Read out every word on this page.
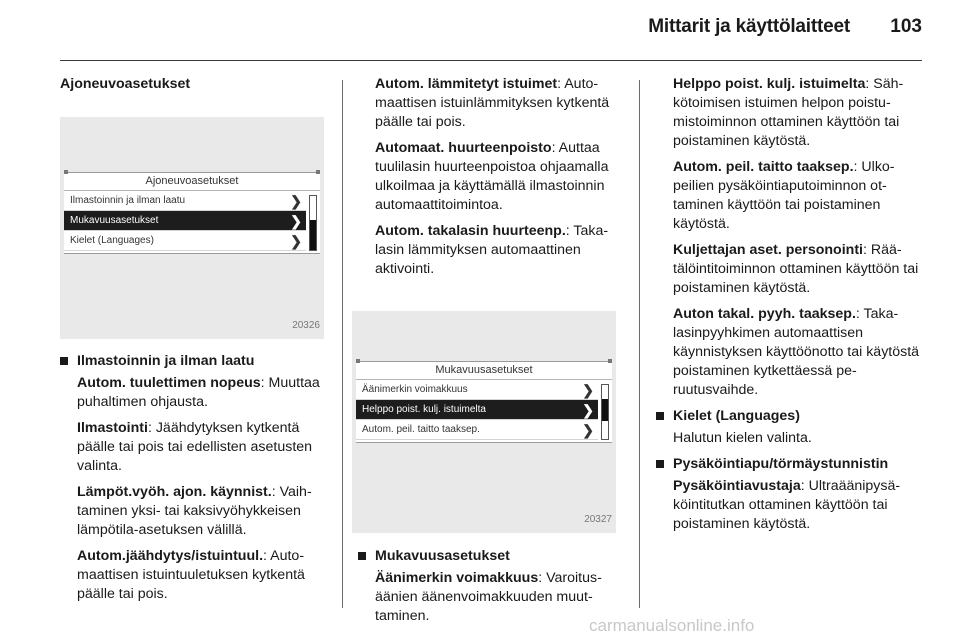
Mittarit ja käyttölaitteet 103
Ajoneuvoasetukset
Ajoneuvoasetukset
Ilmastoinnin ja ilman laatu	❯
Mukavuusasetukset	❯
Kielet (Languages)	❯
20326
Ilmastoinnin ja ilman laatu
Autom. tuulettimen nopeus: Muuttaa puhaltimen ohjausta.
Ilmastointi: Jäähdytyksen kytkentä päälle tai pois tai edellisten asetusten valinta.
Lämpöt.vyöh. ajon. käynnist.: Vaihtaminen yksi- tai kaksivyöhykkeisen lämpötila-asetuksen välillä.
Autom.jäähdytys/istuintuul.: Automaattisen istuintuuletuksen kytkentä päälle tai pois.
Autom. lämmitetyt istuimet: Automaattisen istuinlämmityksen kytkentä päälle tai pois.
Automaat. huurteenpoisto: Auttaa tuulilasin huurteenpoistoa ohjaamalla ulkoilmaa ja käyttämällä ilmastoinnin automaattitoimintoa.
Autom. takalasin huurteenp.: Takalasin lämmityksen automaattinen aktivointi.
Mukavuusasetukset
Äänimerkin voimakkuus	❯
Helppo poist. kulj. istuimelta	❯
Autom. peil. taitto taaksep.	❯
20327
Mukavuusasetukset
Äänimerkin voimakkuus: Varoitusäänien äänenvoimakkuuden muuttaminen.
Helppo poist. kulj. istuimelta: Sähkötoimisen istuimen helpon poistumistoiminnon ottaminen käyttöön tai poistaminen käytöstä.
Autom. peil. taitto taaksep.: Ulkopeilien pysäköintiaputoiminnon ottaminen käyttöön tai poistaminen käytöstä.
Kuljettajan aset. personointi: Räätälöintitoiminnon ottaminen käyttöön tai poistaminen käytöstä.
Auton takal. pyyh. taaksep.: Takalasinpyyhkimen automaattisen käynnistyksen käyttöönotto tai käytöstä poistaminen kytkettäessä peruutusvaihde.
Kielet (Languages)
Halutun kielen valinta.
Pysäköintiapu/törmäystunnistin
Pysäköintiavustaja: Ultraäänipysäköintitutkan ottaminen käyttöön tai poistaminen käytöstä.
carmanualsonline.info
